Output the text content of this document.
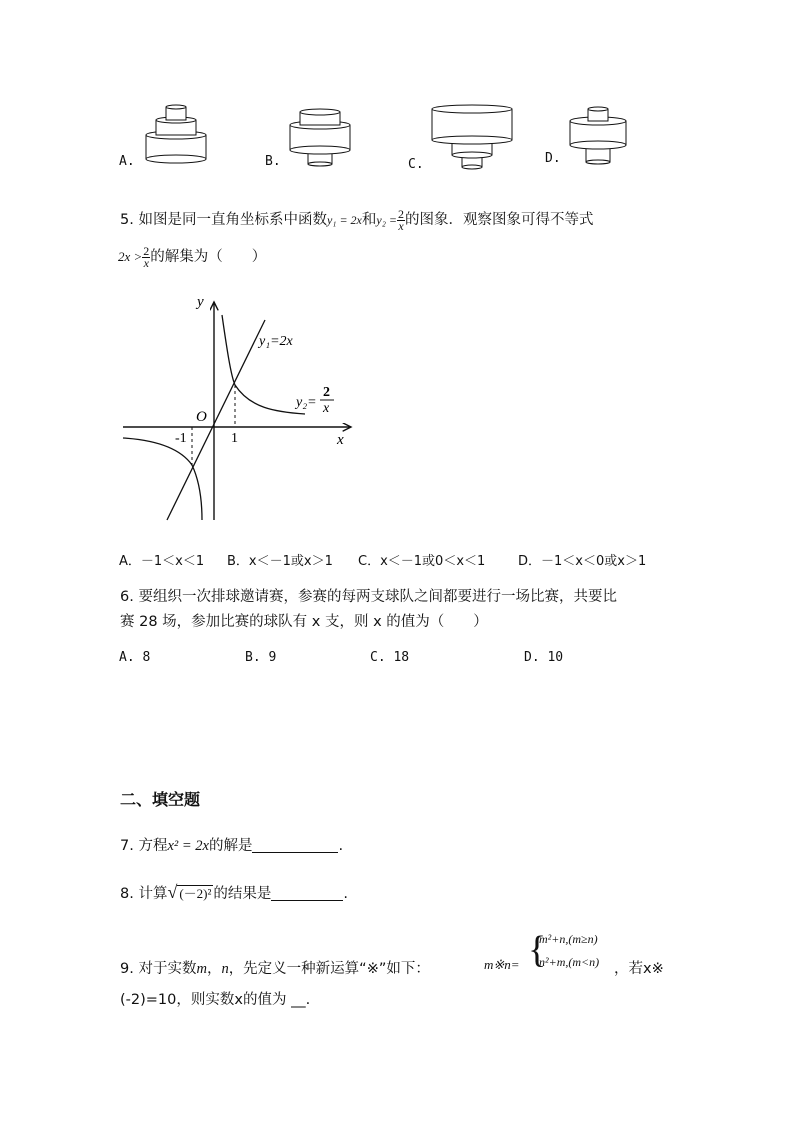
A.	B.	C.	D.
5. 如图是同一直角坐标系中函数y₁ = 2x和$y_2 = \frac{2}{x}$ 的图象．观察图象可得不等式
$2x > \frac{2}{x}$ 的解集为（　　）
y
x
O
-1	1
y₁=2x
y₂=
2
x
A．－1＜x＜1 B．x＜－1或x＞1 C．x＜－1或0＜x＜1	D．－1＜x＜0或x＞1
6. 要组织一次排球邀请赛，参赛的每两支球队之间都要进行一场比赛，共要比
赛 28 场，参加比赛的球队有 x 支，则 x 的值为（　　）
A. 8	B. 9	C. 18	D. 10
二、填空题
7. 方程x² = 2x的解是	.
8. 计算√ (－2)² 的结果是	.
9. 对于实数m，n，先定义一种新运算“※”如下：	m※n= {
m²+n,(m≥n)
n²+m,(m<n) ，若x※
(-2)=10，则实数x的值为 __.
